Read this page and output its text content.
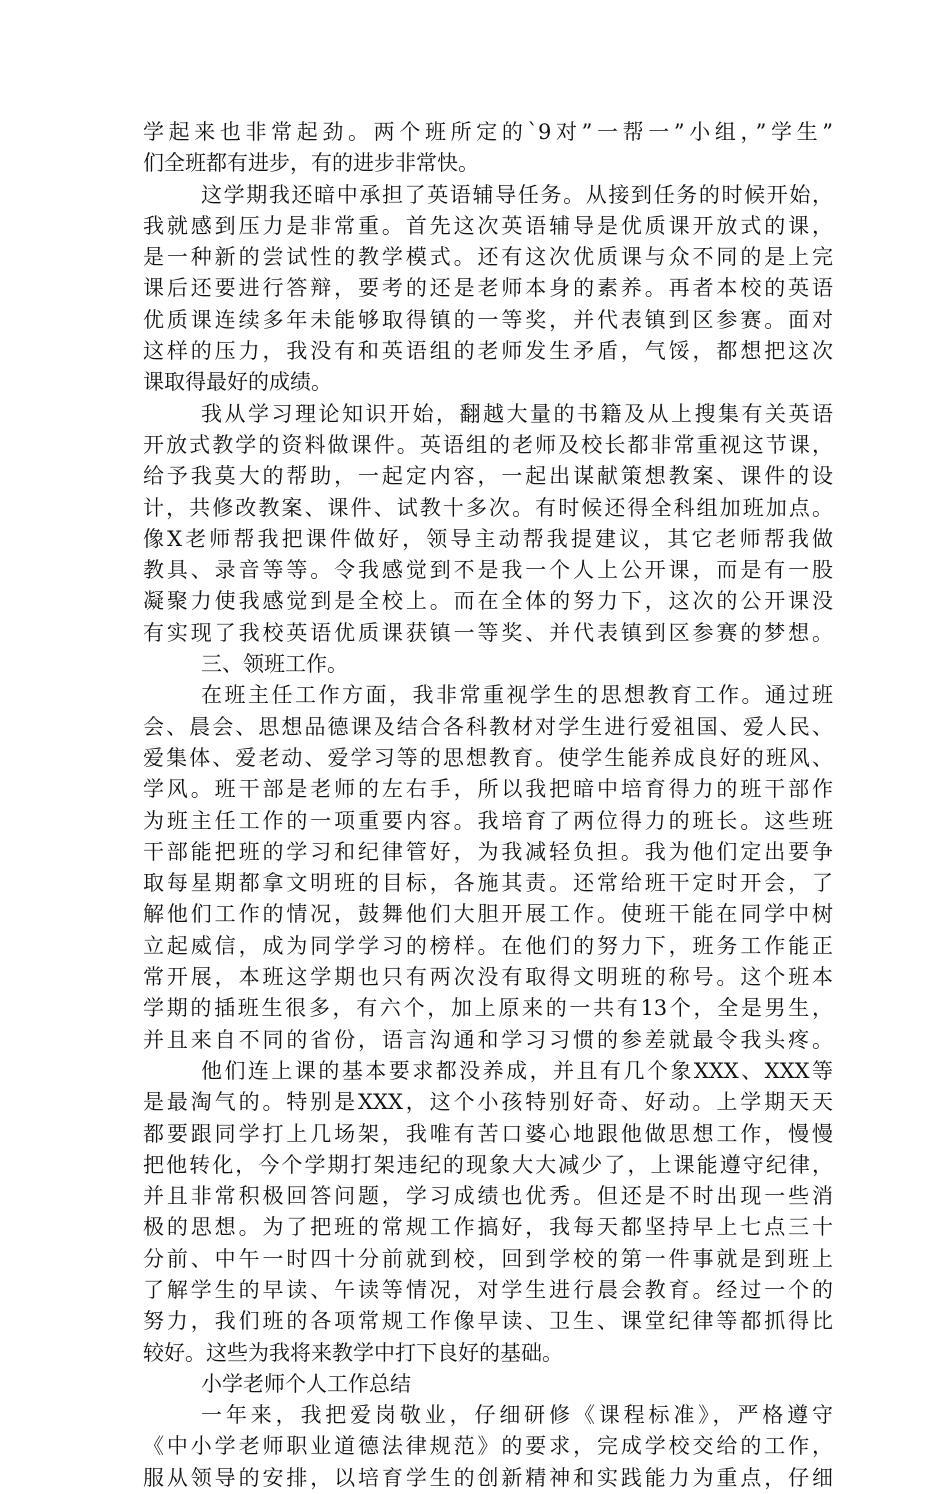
学起来也非常起劲。两个班所定的`9对”一帮一”小组，”学生”
们全班都有进步，有的进步非常快。
这学期我还暗中承担了英语辅导任务。从接到任务的时候开始，
我就感到压力是非常重。首先这次英语辅导是优质课开放式的课，
是一种新的尝试性的教学模式。还有这次优质课与众不同的是上完
课后还要进行答辩，要考的还是老师本身的素养。再者本校的英语
优质课连续多年未能够取得镇的一等奖，并代表镇到区参赛。面对
这样的压力，我没有和英语组的老师发生矛盾，气馁，都想把这次
课取得最好的成绩。
我从学习理论知识开始，翻越大量的书籍及从上搜集有关英语
开放式教学的资料做课件。英语组的老师及校长都非常重视这节课，
给予我莫大的帮助，一起定内容，一起出谋献策想教案、课件的设
计，共修改教案、课件、试教十多次。有时候还得全科组加班加点。
像X老师帮我把课件做好，领导主动帮我提建议，其它老师帮我做
教具、录音等等。令我感觉到不是我一个人上公开课，而是有一股
凝聚力使我感觉到是全校上。而在全体的努力下，这次的公开课没
有实现了我校英语优质课获镇一等奖、并代表镇到区参赛的梦想。
三、领班工作。
在班主任工作方面，我非常重视学生的思想教育工作。通过班
会、晨会、思想品德课及结合各科教材对学生进行爱祖国、爱人民、
爱集体、爱老动、爱学习等的思想教育。使学生能养成良好的班风、
学风。班干部是老师的左右手，所以我把暗中培育得力的班干部作
为班主任工作的一项重要内容。我培育了两位得力的班长。这些班
干部能把班的学习和纪律管好，为我减轻负担。我为他们定出要争
取每星期都拿文明班的目标，各施其责。还常给班干定时开会，了
解他们工作的情况，鼓舞他们大胆开展工作。使班干能在同学中树
立起威信，成为同学学习的榜样。在他们的努力下，班务工作能正
常开展，本班这学期也只有两次没有取得文明班的称号。这个班本
学期的插班生很多，有六个，加上原来的一共有13个，全是男生，
并且来自不同的省份，语言沟通和学习习惯的参差就最令我头疼。
他们连上课的基本要求都没养成，并且有几个象XXX、XXX等
是最淘气的。特别是XXX，这个小孩特别好奇、好动。上学期天天
都要跟同学打上几场架，我唯有苦口婆心地跟他做思想工作，慢慢
把他转化，今个学期打架违纪的现象大大减少了，上课能遵守纪律，
并且非常积极回答问题，学习成绩也优秀。但还是不时出现一些消
极的思想。为了把班的常规工作搞好，我每天都坚持早上七点三十
分前、中午一时四十分前就到校，回到学校的第一件事就是到班上
了解学生的早读、午读等情况，对学生进行晨会教育。经过一个的
努力，我们班的各项常规工作像早读、卫生、课堂纪律等都抓得比
较好。这些为我将来教学中打下良好的基础。
小学老师个人工作总结
一年来，我把爱岗敬业，仔细研修《课程标准》，严格遵守
《中小学老师职业道德法律规范》的要求，完成学校交给的工作，
服从领导的安排，以培育学生的创新精神和实践能力为重点，仔细
